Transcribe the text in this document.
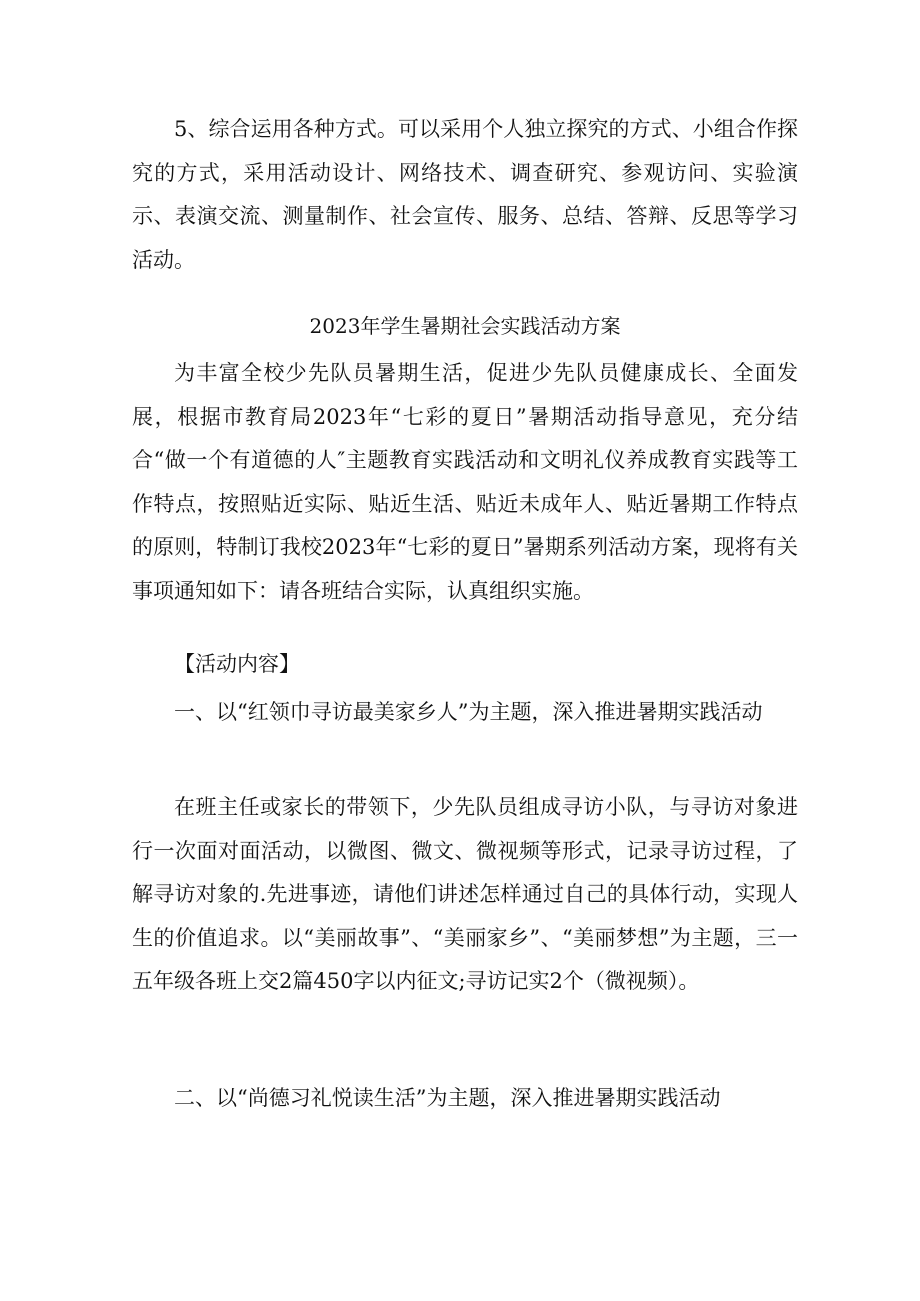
5、综合运用各种方式。可以采用个人独立探究的方式、小组合作探究的方式，采用活动设计、网络技术、调查研究、参观访问、实验演示、表演交流、测量制作、社会宣传、服务、总结、答辩、反思等学习活动。

2023年学生暑期社会实践活动方案

为丰富全校少先队员暑期生活，促进少先队员健康成长、全面发展，根据市教育局2023年“七彩的夏日”暑期活动指导意见，充分结合“做一个有道德的人″主题教育实践活动和文明礼仪养成教育实践等工作特点，按照贴近实际、贴近生活、贴近未成年人、贴近暑期工作特点的原则，特制订我校2023年“七彩的夏日”暑期系列活动方案，现将有关事项通知如下：请各班结合实际，认真组织实施。

【活动内容】

一、以“红领巾寻访最美家乡人”为主题，深入推进暑期实践活动

在班主任或家长的带领下，少先队员组成寻访小队，与寻访对象进行一次面对面活动，以微图、微文、微视频等形式，记录寻访过程，了解寻访对象的.先进事迹，请他们讲述怎样通过自己的具体行动，实现人生的价值追求。以“美丽故事”、“美丽家乡”、“美丽梦想”为主题，三一五年级各班上交2篇450字以内征文;寻访记实2个（微视频）。

二、以“尚德习礼悦读生活”为主题，深入推进暑期实践活动
